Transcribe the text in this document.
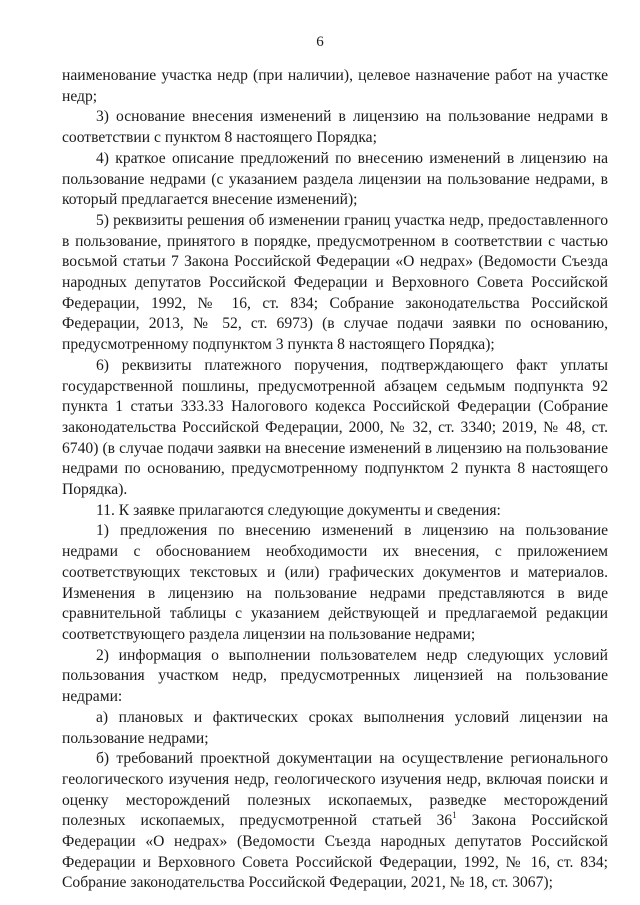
6

наименование участка недр (при наличии), целевое назначение работ на участке недр;

3) основание внесения изменений в лицензию на пользование недрами в соответствии с пунктом 8 настоящего Порядка;

4) краткое описание предложений по внесению изменений в лицензию на пользование недрами (с указанием раздела лицензии на пользование недрами, в который предлагается внесение изменений);

5) реквизиты решения об изменении границ участка недр, предоставленного в пользование, принятого в порядке, предусмотренном в соответствии с частью восьмой статьи 7 Закона Российской Федерации «О недрах» (Ведомости Съезда народных депутатов Российской Федерации и Верховного Совета Российской Федерации, 1992, № 16, ст. 834; Собрание законодательства Российской Федерации, 2013, № 52, ст. 6973) (в случае подачи заявки по основанию, предусмотренному подпунктом 3 пункта 8 настоящего Порядка);

6) реквизиты платежного поручения, подтверждающего факт уплаты государственной пошлины, предусмотренной абзацем седьмым подпункта 92 пункта 1 статьи 333.33 Налогового кодекса Российской Федерации (Собрание законодательства Российской Федерации, 2000, № 32, ст. 3340; 2019, № 48, ст. 6740) (в случае подачи заявки на внесение изменений в лицензию на пользование недрами по основанию, предусмотренному подпунктом 2 пункта 8 настоящего Порядка).

11. К заявке прилагаются следующие документы и сведения:

1) предложения по внесению изменений в лицензию на пользование недрами с обоснованием необходимости их внесения, с приложением соответствующих текстовых и (или) графических документов и материалов. Изменения в лицензию на пользование недрами представляются в виде сравнительной таблицы с указанием действующей и предлагаемой редакции соответствующего раздела лицензии на пользование недрами;

2) информация о выполнении пользователем недр следующих условий пользования участком недр, предусмотренных лицензией на пользование недрами:

а) плановых и фактических сроках выполнения условий лицензии на пользование недрами;

б) требований проектной документации на осуществление регионального геологического изучения недр, геологического изучения недр, включая поиски и оценку месторождений полезных ископаемых, разведке месторождений полезных ископаемых, предусмотренной статьей $36^1$ Закона Российской Федерации «О недрах» (Ведомости Съезда народных депутатов Российской Федерации и Верховного Совета Российской Федерации, 1992, № 16, ст. 834; Собрание законодательства Российской Федерации, 2021, № 18, ст. 3067);
